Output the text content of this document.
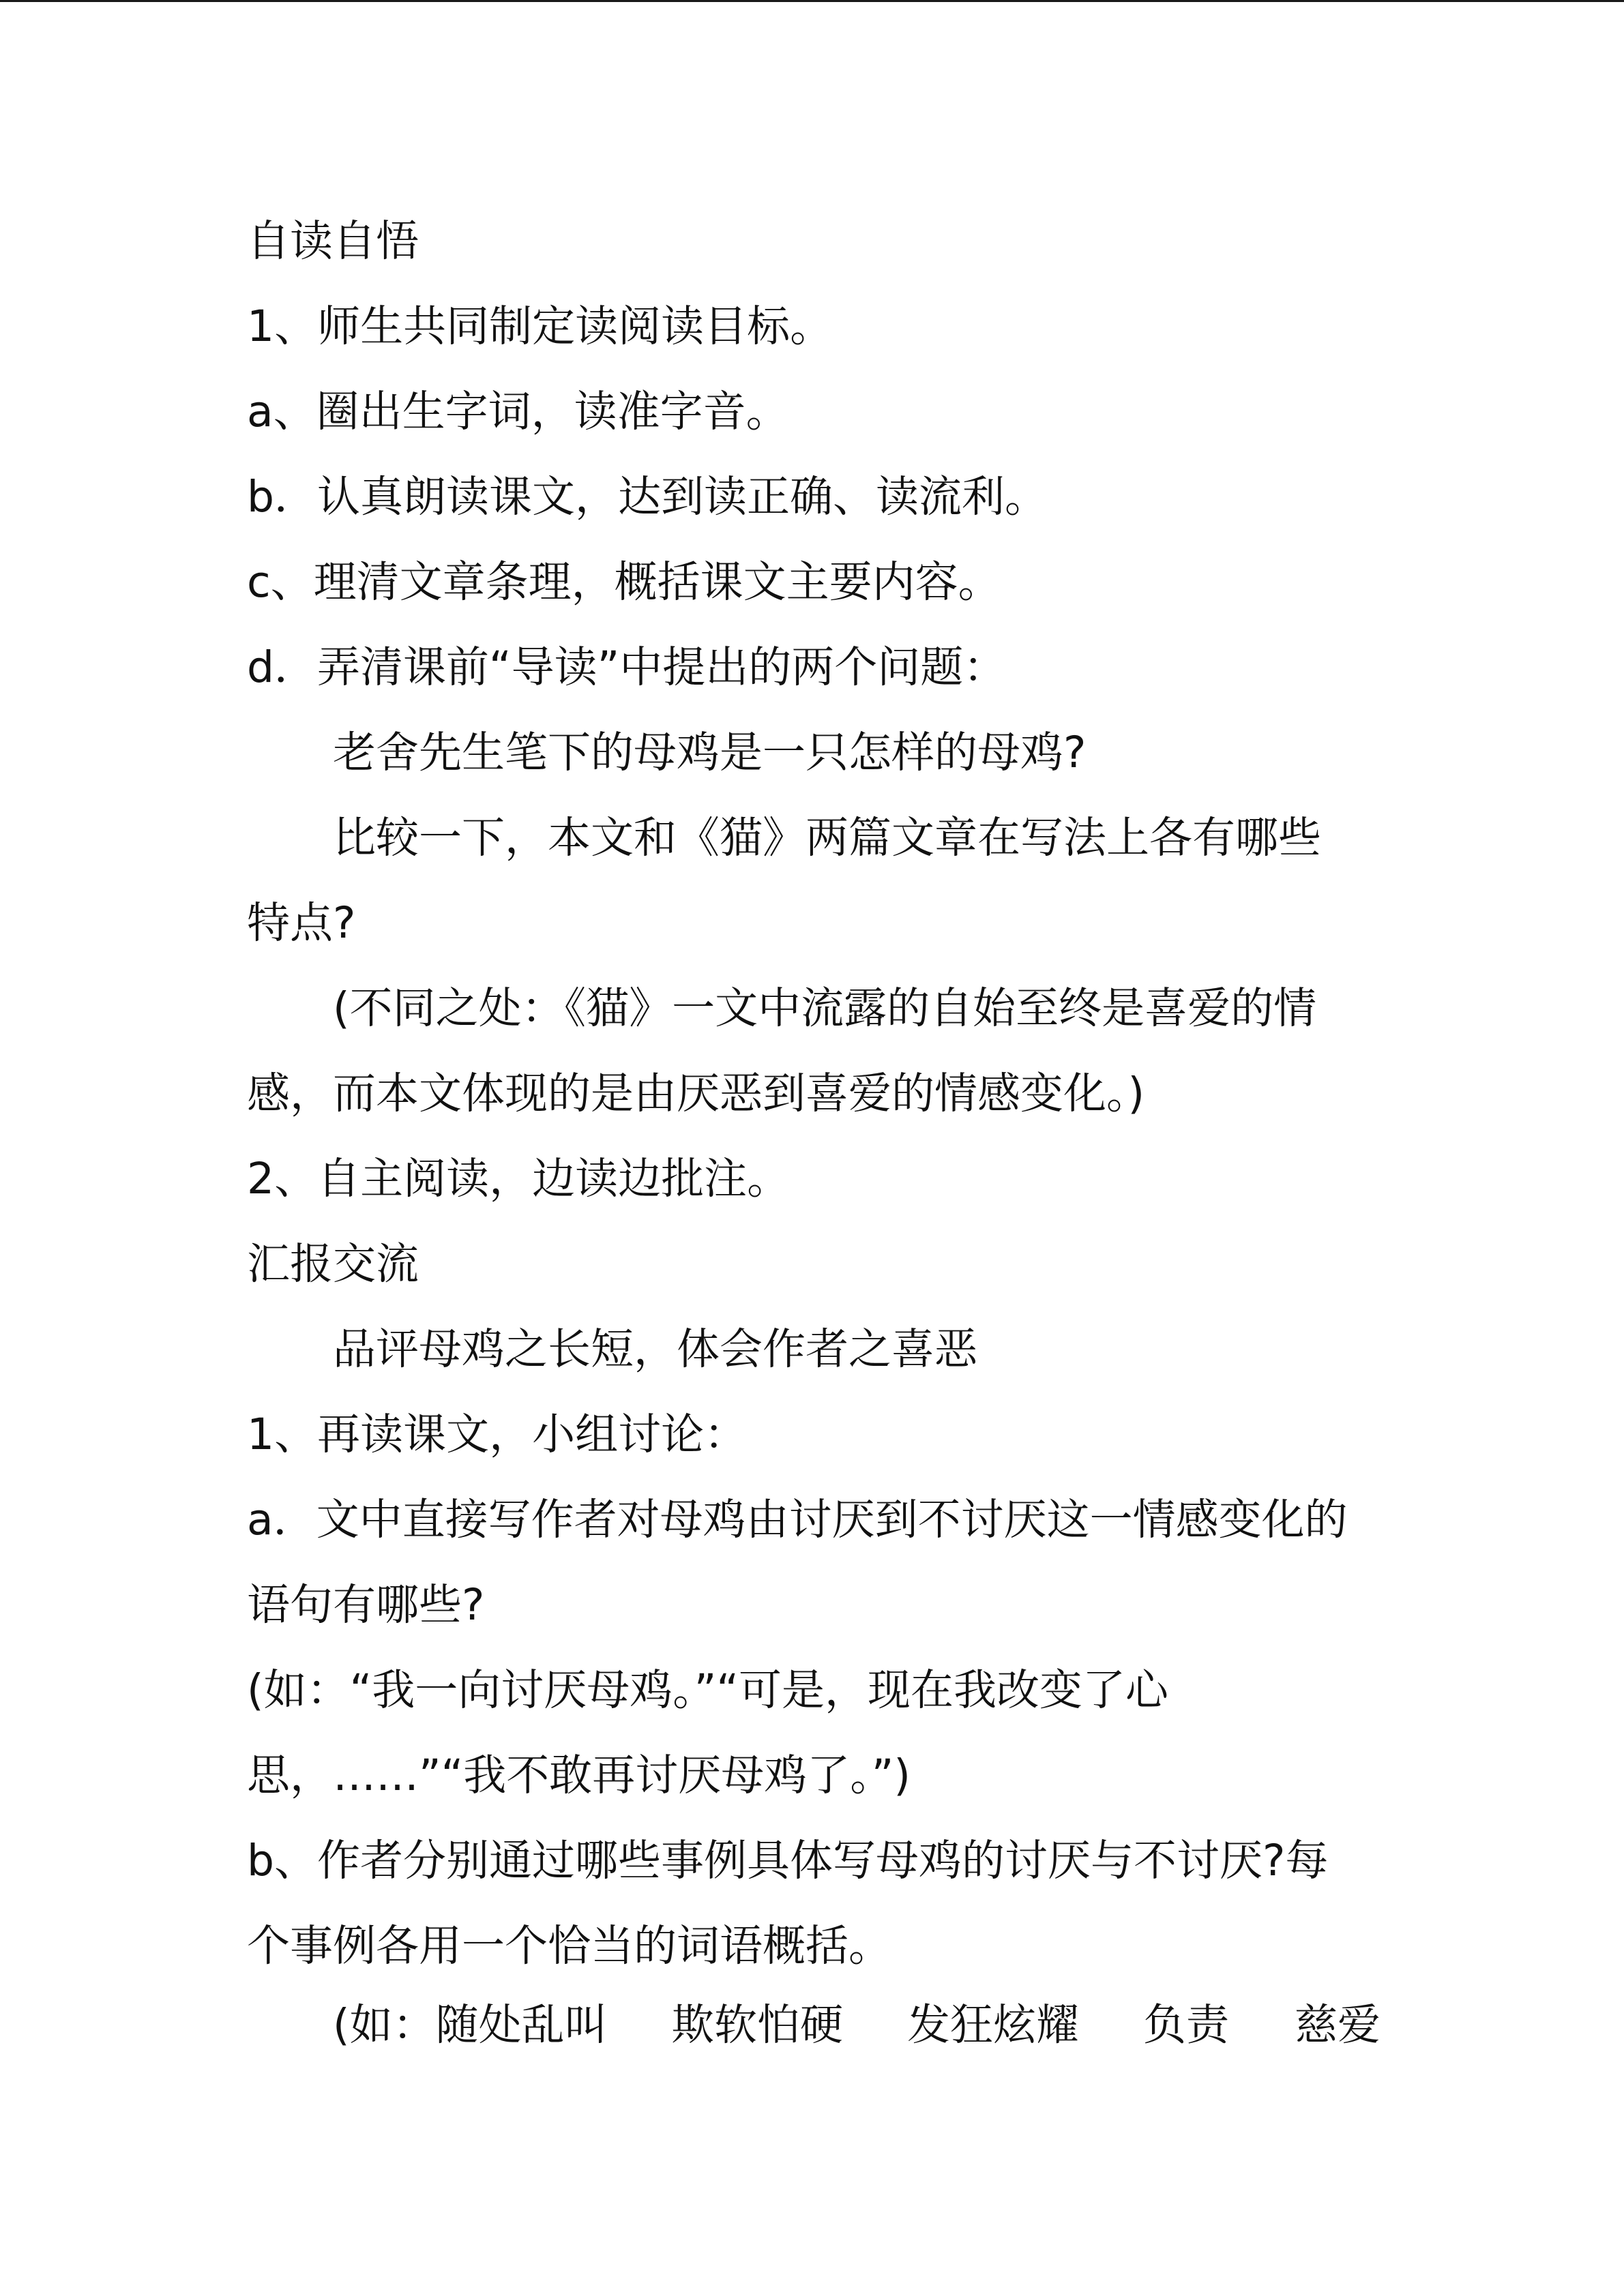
自读自悟
1、师生共同制定读阅读目标。
a、圈出生字词，读准字音。
b．认真朗读课文，达到读正确、读流利。
c、理清文章条理，概括课文主要内容。
d．弄清课前“导读”中提出的两个问题：
老舍先生笔下的母鸡是一只怎样的母鸡?
比较一下，本文和《猫》两篇文章在写法上各有哪些
特点?
(不同之处：《猫》一文中流露的自始至终是喜爱的情
感，而本文体现的是由厌恶到喜爱的情感变化。)
2、自主阅读，边读边批注。
汇报交流
品评母鸡之长短，体会作者之喜恶
1、再读课文，小组讨论：
a．文中直接写作者对母鸡由讨厌到不讨厌这一情感变化的
语句有哪些?
(如：“我一向讨厌母鸡。”“可是，现在我改变了心
思，……”“我不敢再讨厌母鸡了。”)
b、作者分别通过哪些事例具体写母鸡的讨厌与不讨厌?每
个事例各用一个恰当的词语概括。
(如：随处乱叫 欺软怕硬 发狂炫耀 负责 慈爱
